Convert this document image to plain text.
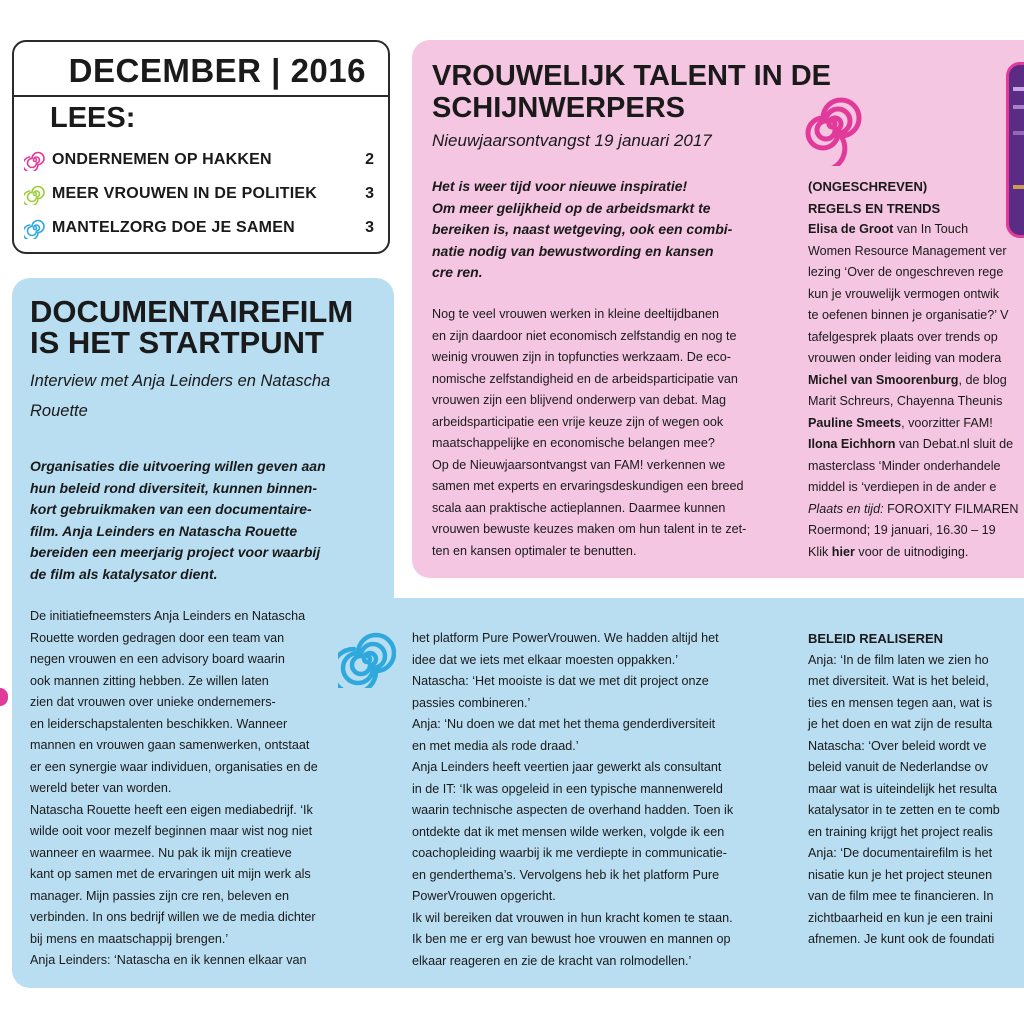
DECEMBER | 2016
LEES:
ONDERNEMEN OP HAKKEN	2
MEER VROUWEN IN DE POLITIEK	3
MANTELZORG DOE JE SAMEN	3
VROUWELIJK TALENT IN DE SCHIJNWERPERS
Nieuwjaarsontvangst 19 januari 2017
Het is weer tijd voor nieuwe inspiratie!
Om meer gelijkheid op de arbeidsmarkt te
bereiken is, naast wetgeving, ook een combi-
natie nodig van bewustwording en kansen
cre ren.
Nog te veel vrouwen werken in kleine deeltijdbanen
en zijn daardoor niet economisch zelfstandig en nog te
weinig vrouwen zijn in topfuncties werkzaam. De eco-
nomische zelfstandigheid en de arbeidsparticipatie van
vrouwen zijn een blijvend onderwerp van debat. Mag
arbeidsparticipatie een vrije keuze zijn of wegen ook
maatschappelijke en economische belangen mee?
Op de Nieuwjaarsontvangst van FAM! verkennen we
samen met experts en ervaringsdeskundigen een breed
scala aan praktische actieplannen. Daarmee kunnen
vrouwen bewuste keuzes maken om hun talent in te zet-
ten en kansen optimaler te benutten.
(ONGESCHREVEN)
REGELS EN TRENDS
Elisa de Groot van In Touch
Women Resource Management ver
lezing ‘Over de ongeschreven rege
kun je vrouwelijk vermogen ontwik
te oefenen binnen je organisatie?’ V
tafelgesprek plaats over trends op
vrouwen onder leiding van modera
Michel van Smoorenburg, de blog
Marit Schreurs, Chayenna Theunis
Pauline Smeets, voorzitter FAM!
Ilona Eichhorn van Debat.nl sluit de
masterclass ‘Minder onderhandele
middel is ‘verdiepen in de ander e
Plaats en tijd: FOROXITY FILMAREN
Roermond; 19 januari, 16.30 – 19
Klik hier voor de uitnodiging.
DOCUMENTAIREFILM IS HET STARTPUNT
Interview met Anja Leinders en Natascha Rouette
Organisaties die uitvoering willen geven aan
hun beleid rond diversiteit, kunnen binnen-
kort gebruikmaken van een documentaire-
film. Anja Leinders en Natascha Rouette
bereiden een meerjarig project voor waarbij
de film als katalysator dient.
De initiatiefneemsters Anja Leinders en Natascha
Rouette worden gedragen door een team van
negen vrouwen en een advisory board waarin
ook mannen zitting hebben. Ze willen laten
zien dat vrouwen over unieke ondernemers-
en leiderschapstalenten beschikken. Wanneer
mannen en vrouwen gaan samenwerken, ontstaat
er een synergie waar individuen, organisaties en de
wereld beter van worden.
Natascha Rouette heeft een eigen mediabedrijf. ‘Ik
wilde ooit voor mezelf beginnen maar wist nog niet
wanneer en waarmee. Nu pak ik mijn creatieve
kant op samen met de ervaringen uit mijn werk als
manager. Mijn passies zijn cre ren, beleven en
verbinden. In ons bedrijf willen we de media dichter
bij mens en maatschappij brengen.’
Anja Leinders: ‘Natascha en ik kennen elkaar van
het platform Pure PowerVrouwen. We hadden altijd het
idee dat we iets met elkaar moesten oppakken.’
Natascha: ‘Het mooiste is dat we met dit project onze
passies combineren.’
Anja: ‘Nu doen we dat met het thema genderdiversiteit
en met media als rode draad.’
Anja Leinders heeft veertien jaar gewerkt als consultant
in de IT: ‘Ik was opgeleid in een typische mannenwereld
waarin technische aspecten de overhand hadden. Toen ik
ontdekte dat ik met mensen wilde werken, volgde ik een
coachopleiding waarbij ik me verdiepte in communicatie-
en genderthema’s. Vervolgens heb ik het platform Pure
PowerVrouwen opgericht.
Ik wil bereiken dat vrouwen in hun kracht komen te staan.
Ik ben me er erg van bewust hoe vrouwen en mannen op
elkaar reageren en zie de kracht van rolmodellen.’
BELEID REALISEREN
Anja: ‘In de film laten we zien ho
met diversiteit. Wat is het beleid,
ties en mensen tegen aan, wat is
je het doen en wat zijn de resulta
Natascha: ‘Over beleid wordt ve
beleid vanuit de Nederlandse ov
maar wat is uiteindelijk het resulta
katalysator in te zetten en te comb
en training krijgt het project realis
Anja: ‘De documentairefilm is het
nisatie kun je het project steunen
van de film mee te financieren. In
zichtbaarheid en kun je een traini
afnemen. Je kunt ook de foundati
